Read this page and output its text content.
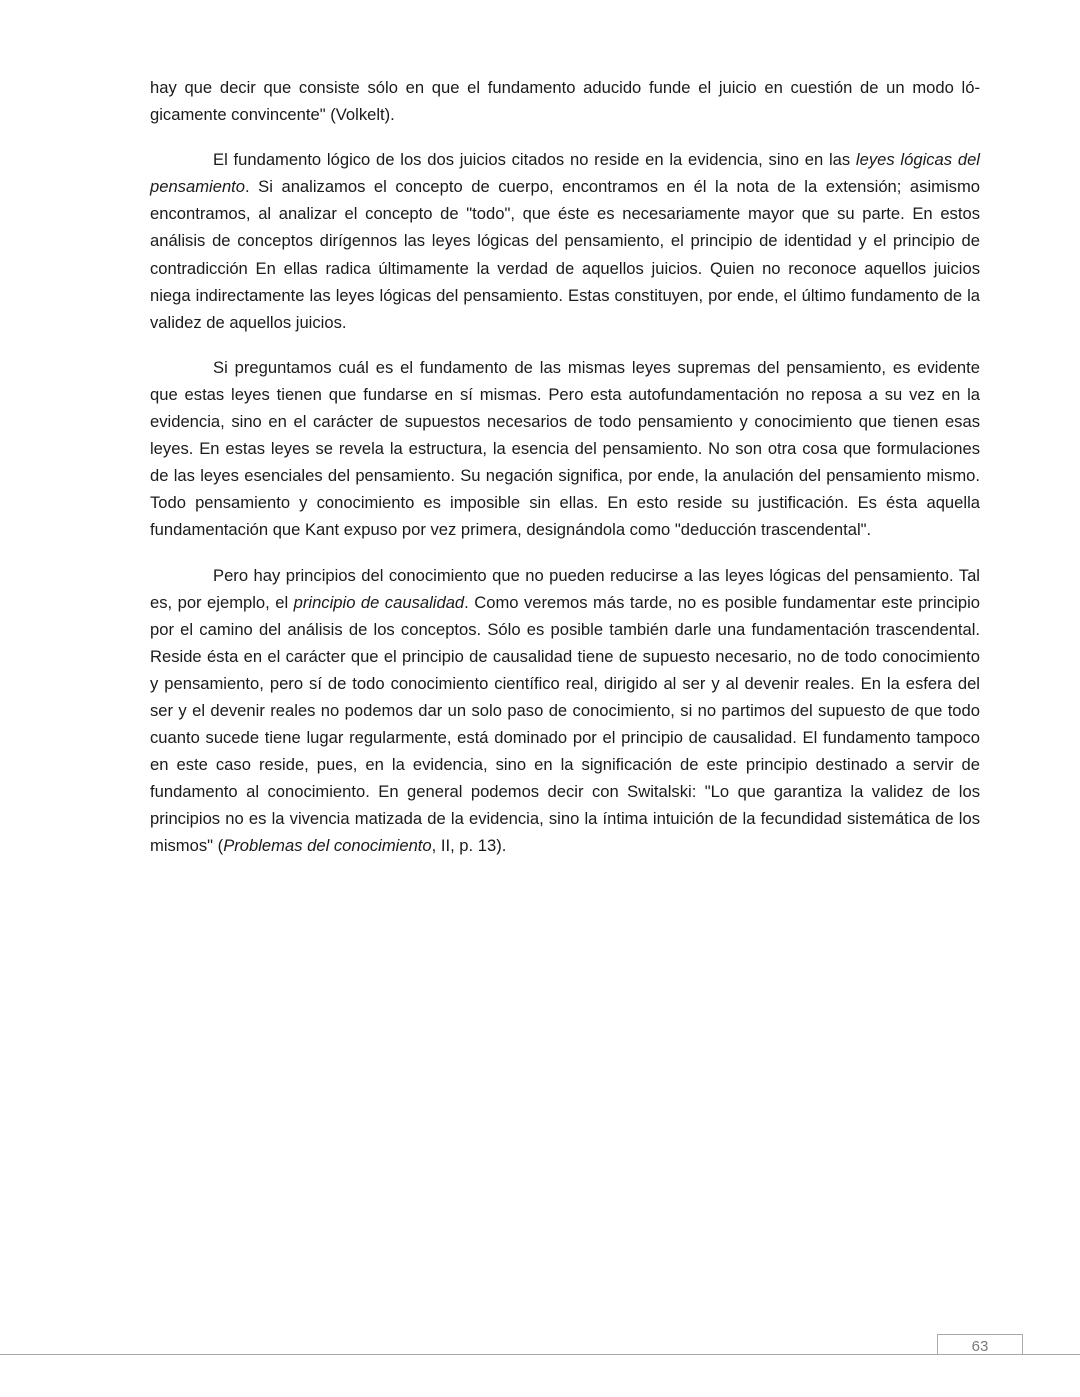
hay que decir que consiste sólo en que el fundamento aducido funde el juicio en cuestión de un modo lógicamente convincente" (Volkelt).

El fundamento lógico de los dos juicios citados no reside en la evidencia, sino en las leyes lógicas del pensamiento. Si analizamos el concepto de cuerpo, encontramos en él la nota de la extensión; asimismo encontramos, al analizar el concepto de "todo", que éste es necesariamente mayor que su parte. En estos análisis de conceptos dirígennos las leyes lógicas del pensamiento, el principio de identidad y el principio de contradicción En ellas radica últimamente la verdad de aquellos juicios. Quien no reconoce aquellos juicios niega indirectamente las leyes lógicas del pensamiento. Estas constituyen, por ende, el último fundamento de la validez de aquellos juicios.

Si preguntamos cuál es el fundamento de las mismas leyes supremas del pensamiento, es evidente que estas leyes tienen que fundarse en sí mismas. Pero esta autofundamentación no reposa a su vez en la evidencia, sino en el carácter de supuestos necesarios de todo pensamiento y conocimiento que tienen esas leyes. En estas leyes se revela la estructura, la esencia del pensamiento. No son otra cosa que formulaciones de las leyes esenciales del pensamiento. Su negación significa, por ende, la anulación del pensamiento mismo. Todo pensamiento y conocimiento es imposible sin ellas. En esto reside su justificación. Es ésta aquella fundamentación que Kant expuso por vez primera, designándola como "deducción trascendental".

Pero hay principios del conocimiento que no pueden reducirse a las leyes lógicas del pensamiento. Tal es, por ejemplo, el principio de causalidad. Como veremos más tarde, no es posible fundamentar este principio por el camino del análisis de los conceptos. Sólo es posible también darle una fundamentación trascendental. Reside ésta en el carácter que el principio de causalidad tiene de supuesto necesario, no de todo conocimiento y pensamiento, pero sí de todo conocimiento científico real, dirigido al ser y al devenir reales. En la esfera del ser y el devenir reales no podemos dar un solo paso de conocimiento, si no partimos del supuesto de que todo cuanto sucede tiene lugar regularmente, está dominado por el principio de causalidad. El fundamento tampoco en este caso reside, pues, en la evidencia, sino en la significación de este principio destinado a servir de fundamento al conocimiento. En general podemos decir con Switalski: "Lo que garantiza la validez de los principios no es la vivencia matizada de la evidencia, sino la íntima intuición de la fecundidad sistemática de los mismos" (Problemas del conocimiento, II, p. 13).

63
